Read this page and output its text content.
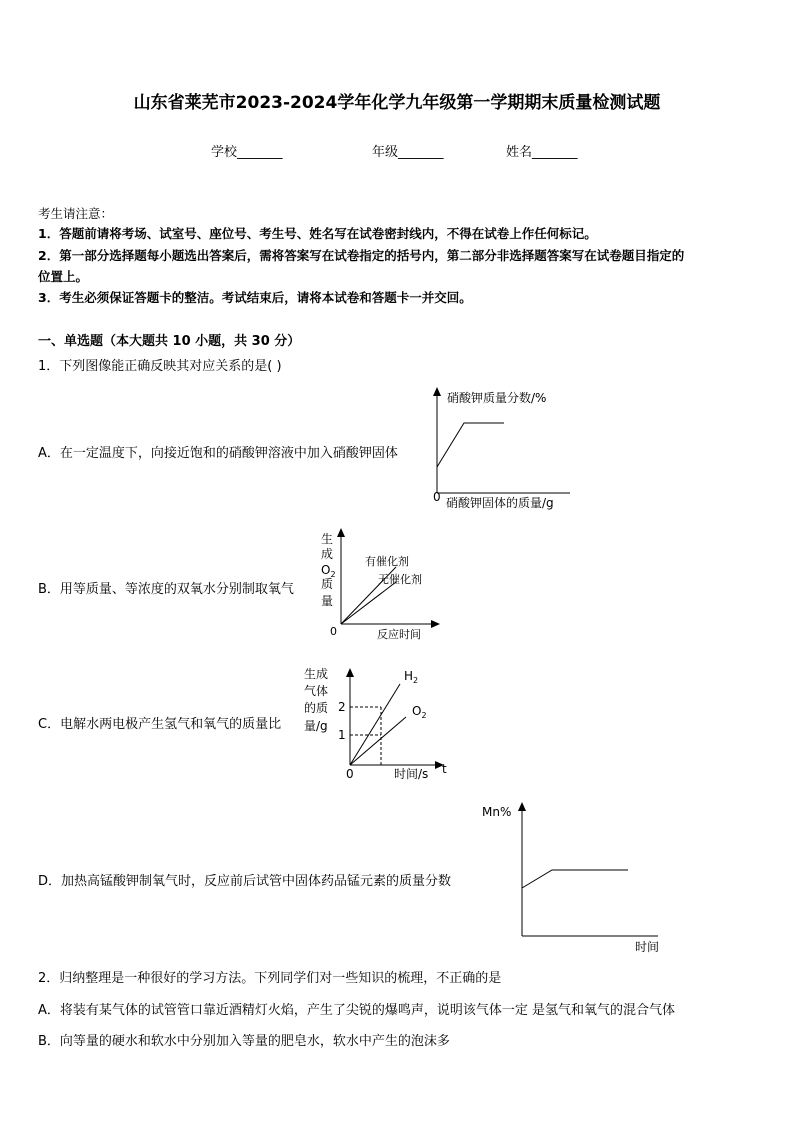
山东省莱芜市2023-2024学年化学九年级第一学期期末质量检测试题
学校_______	年级_______	姓名_______
考生请注意：
1．答题前请将考场、试室号、座位号、考生号、姓名写在试卷密封线内，不得在试卷上作任何标记。
2．第一部分选择题每小题选出答案后，需将答案写在试卷指定的括号内，第二部分非选择题答案写在试卷题目指定的
位置上。
3．考生必须保证答题卡的整洁。考试结束后，请将本试卷和答题卡一并交回。
一、单选题（本大题共 10 小题，共 30 分）
1．下列图像能正确反映其对应关系的是( )
A．在一定温度下，向接近饱和的硝酸钾溶液中加入硝酸钾固体
硝酸钾质量分数/%
0 硝酸钾固体的质量/g
B．用等质量、等浓度的双氧水分别制取氧气
生
成
$O_2$
质
量
有催化剂
无催化剂
0	反应时间
C．电解水两电极产生氢气和氧气的质量比
生成
气体
的质
量/g
$H_2$
$O_2$
2
1
0	时间/s t
D．加热高锰酸钾制氧气时，反应前后试管中固体药品锰元素的质量分数
Mn%
时间
2．归纳整理是一种很好的学习方法。下列同学们对一些知识的梳理，不正确的是
A．将装有某气体的试管管口靠近酒精灯火焰，产生了尖锐的爆鸣声，说明该气体一定 是氢气和氧气的混合气体
B．向等量的硬水和软水中分别加入等量的肥皂水，软水中产生的泡沫多
